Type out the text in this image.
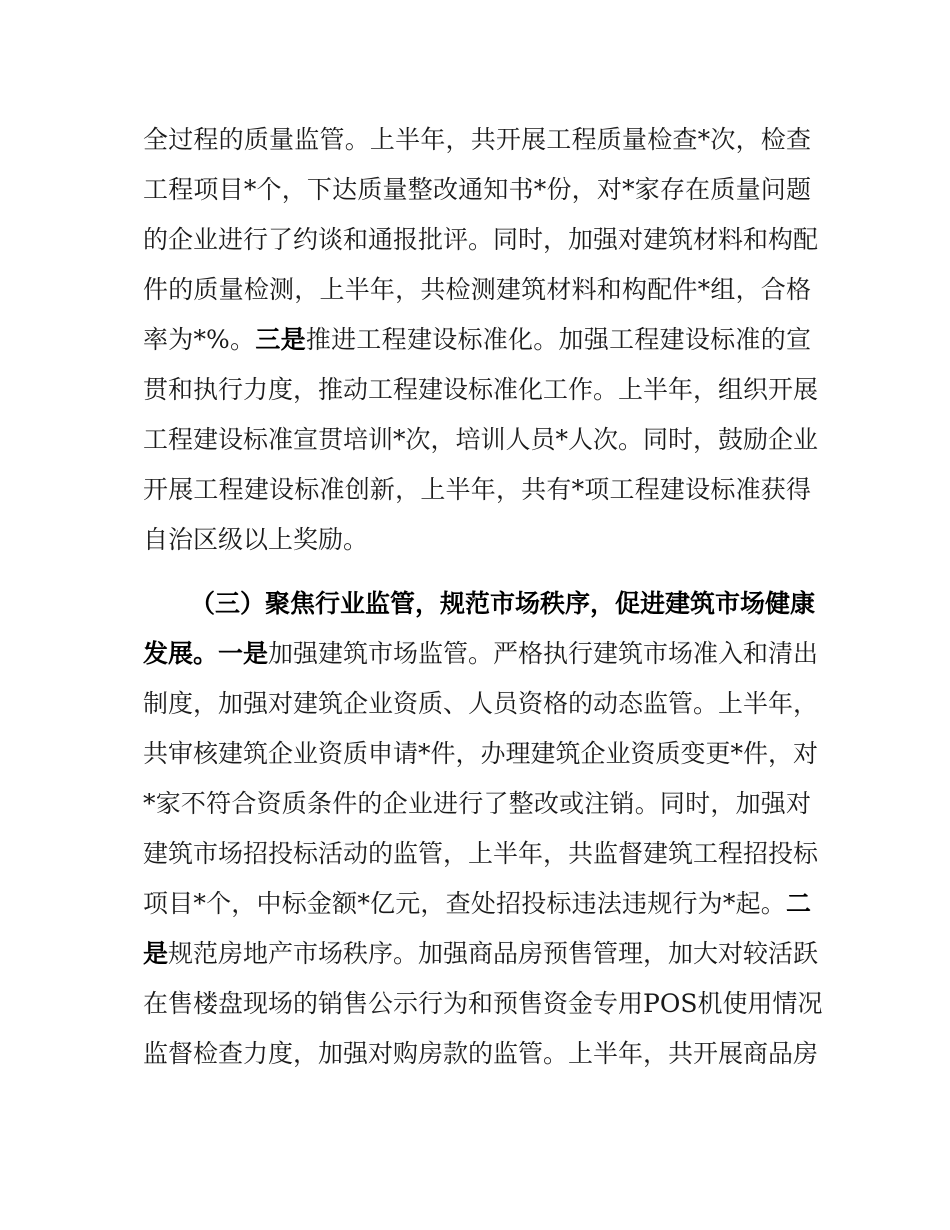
全过程的质量监管。上半年，共开展工程质量检查*次，检查
工程项目*个，下达质量整改通知书*份，对*家存在质量问题
的企业进行了约谈和通报批评。同时，加强对建筑材料和构配
件的质量检测，上半年，共检测建筑材料和构配件*组，合格
率为*%。三是推进工程建设标准化。加强工程建设标准的宣
贯和执行力度，推动工程建设标准化工作。上半年，组织开展
工程建设标准宣贯培训*次，培训人员*人次。同时，鼓励企业
开展工程建设标准创新，上半年，共有*项工程建设标准获得
自治区级以上奖励。
（三）聚焦行业监管，规范市场秩序，促进建筑市场健康
发展。一是加强建筑市场监管。严格执行建筑市场准入和清出
制度，加强对建筑企业资质、人员资格的动态监管。上半年，
共审核建筑企业资质申请*件，办理建筑企业资质变更*件，对
*家不符合资质条件的企业进行了整改或注销。同时，加强对
建筑市场招投标活动的监管，上半年，共监督建筑工程招投标
项目*个，中标金额*亿元，查处招投标违法违规行为*起。二
是规范房地产市场秩序。加强商品房预售管理，加大对较活跃
在售楼盘现场的销售公示行为和预售资金专用POS机使用情况
监督检查力度，加强对购房款的监管。上半年，共开展商品房
